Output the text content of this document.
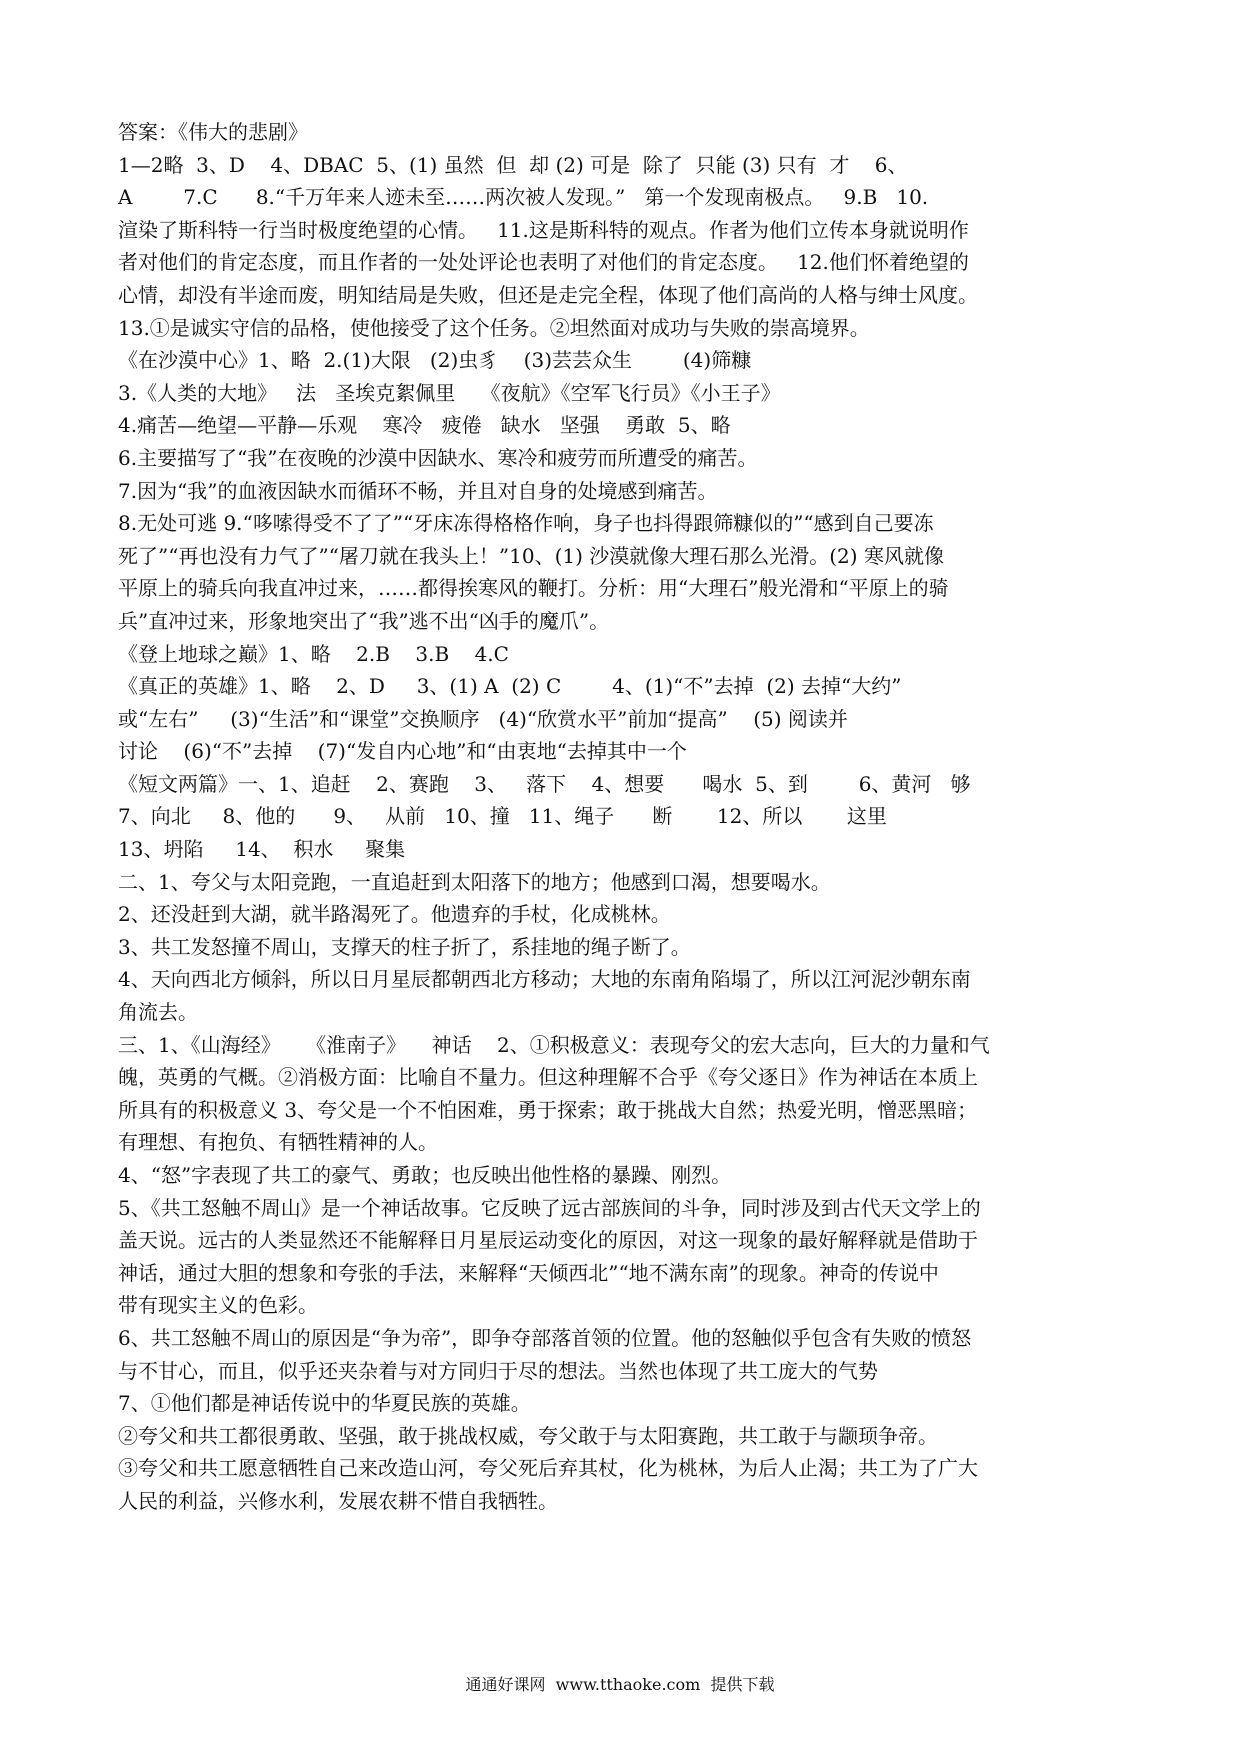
答案：《伟大的悲剧》
1—2略  3、D    4、DBAC  5、(1) 虽然  但  却 (2) 可是  除了  只能 (3) 只有  才    6、
A        7.C      8.“千万年来人迹未至……两次被人发现。”   第一个发现南极点。   9.B   10.
渲染了斯科特一行当时极度绝望的心情。   11.这是斯科特的观点。作者为他们立传本身就说明作
者对他们的肯定态度，而且作者的一处处评论也表明了对他们的肯定态度。   12.他们怀着绝望的
心情，却没有半途而废，明知结局是失败，但还是走完全程，体现了他们高尚的人格与绅士风度。
13.①是诚实守信的品格，使他接受了这个任务。②坦然面对成功与失败的崇高境界。
《在沙漠中心》1、略  2.(1)大限   (2)虫豸    (3)芸芸众生        (4)筛糠
3.《人类的大地》   法   圣埃克絮佩里    《夜航》《空军飞行员》《小王子》
4.痛苦—绝望—平静—乐观    寒冷   疲倦   缺水   坚强    勇敢  5、略
6.主要描写了“我”在夜晚的沙漠中因缺水、寒冷和疲劳而所遭受的痛苦。
7.因为“我”的血液因缺水而循环不畅，并且对自身的处境感到痛苦。
8.无处可逃 9.“哆嗦得受不了了”“牙床冻得格格作响，身子也抖得跟筛糠似的”“感到自己要冻
死了”“再也没有力气了”“屠刀就在我头上！”10、(1) 沙漠就像大理石那么光滑。(2) 寒风就像
平原上的骑兵向我直冲过来，……都得挨寒风的鞭打。分析：用“大理石”般光滑和“平原上的骑
兵”直冲过来，形象地突出了“我”逃不出“凶手的魔爪”。
《登上地球之巅》1、略    2.B    3.B    4.C
《真正的英雄》1、略    2、D     3、(1) A  (2) C        4、(1)“不”去掉  (2) 去掉“大约”
或“左右”     (3)“生活”和“课堂”交换顺序   (4)“欣赏水平”前加“提高”    (5) 阅读并
讨论    (6)“不”去掉    (7)“发自内心地”和“由衷地“去掉其中一个
《短文两篇》一、1、追赶    2、赛跑    3、   落下    4、想要      喝水  5、到        6、黄河   够
7、向北     8、他的      9、   从前   10、撞   11、绳子      断       12、所以       这里
13、坍陷     14、  积水     聚集
二、1、夸父与太阳竞跑，一直追赶到太阳落下的地方；他感到口渴，想要喝水。
2、还没赶到大湖，就半路渴死了。他遗弃的手杖，化成桃林。
3、共工发怒撞不周山，支撑天的柱子折了，系挂地的绳子断了。
4、天向西北方倾斜，所以日月星辰都朝西北方移动；大地的东南角陷塌了，所以江河泥沙朝东南
角流去。
三、1、《山海经》    《淮南子》    神话    2、①积极意义：表现夸父的宏大志向，巨大的力量和气
魄，英勇的气概。②消极方面：比喻自不量力。但这种理解不合乎《夸父逐日》作为神话在本质上
所具有的积极意义 3、夸父是一个不怕困难，勇于探索；敢于挑战大自然；热爱光明，憎恶黑暗；
有理想、有抱负、有牺牲精神的人。
4、“怒”字表现了共工的豪气、勇敢；也反映出他性格的暴躁、刚烈。
5、《共工怒触不周山》是一个神话故事。它反映了远古部族间的斗争，同时涉及到古代天文学上的
盖天说。远古的人类显然还不能解释日月星辰运动变化的原因，对这一现象的最好解释就是借助于
神话，通过大胆的想象和夸张的手法，来解释“天倾西北”“地不满东南”的现象。神奇的传说中
带有现实主义的色彩。
6、共工怒触不周山的原因是“争为帝”，即争夺部落首领的位置。他的怒触似乎包含有失败的愤怒
与不甘心，而且，似乎还夹杂着与对方同归于尽的想法。当然也体现了共工庞大的气势
7、①他们都是神话传说中的华夏民族的英雄。
②夸父和共工都很勇敢、坚强，敢于挑战权威，夸父敢于与太阳赛跑，共工敢于与颛顼争帝。
③夸父和共工愿意牺牲自己来改造山河，夸父死后弃其杖，化为桃林，为后人止渴；共工为了广大
人民的利益，兴修水利，发展农耕不惜自我牺牲。
通通好课网  www.tthaoke.com  提供下载
